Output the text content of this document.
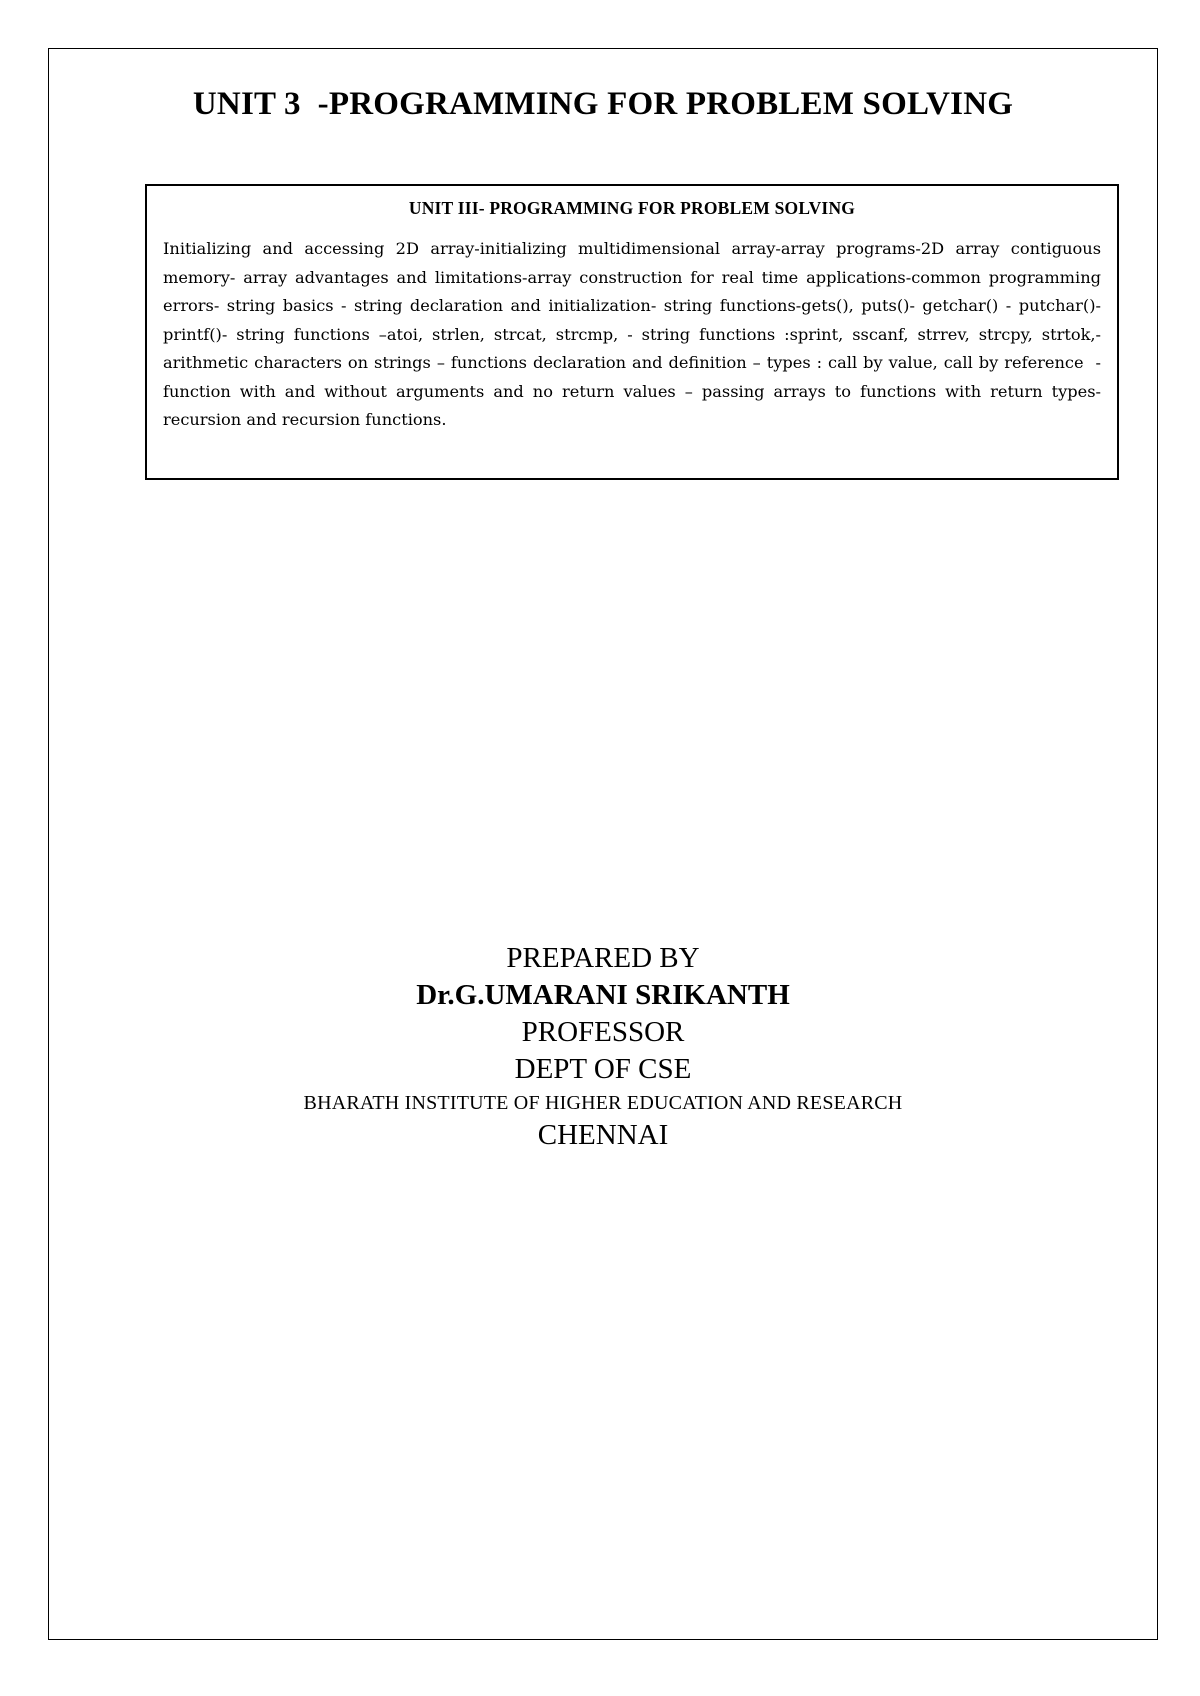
UNIT 3  -PROGRAMMING FOR PROBLEM SOLVING

UNIT III- PROGRAMMING FOR PROBLEM SOLVING

Initializing and accessing 2D array-initializing multidimensional array-array programs-2D array contiguous memory- array advantages and limitations-array construction for real time applications-common programming errors- string basics - string declaration and initialization- string functions-gets(), puts()- getchar() - putchar()- printf()- string functions –atoi, strlen, strcat, strcmp, - string functions :sprint, sscanf, strrev, strcpy, strtok,- arithmetic characters on strings – functions declaration and definition – types : call by value, call by reference  - function with and without arguments and no return values – passing arrays to functions with return types- recursion and recursion functions.

PREPARED BY
Dr.G.UMARANI SRIKANTH
PROFESSOR
DEPT OF CSE
BHARATH INSTITUTE OF HIGHER EDUCATION AND RESEARCH
CHENNAI
